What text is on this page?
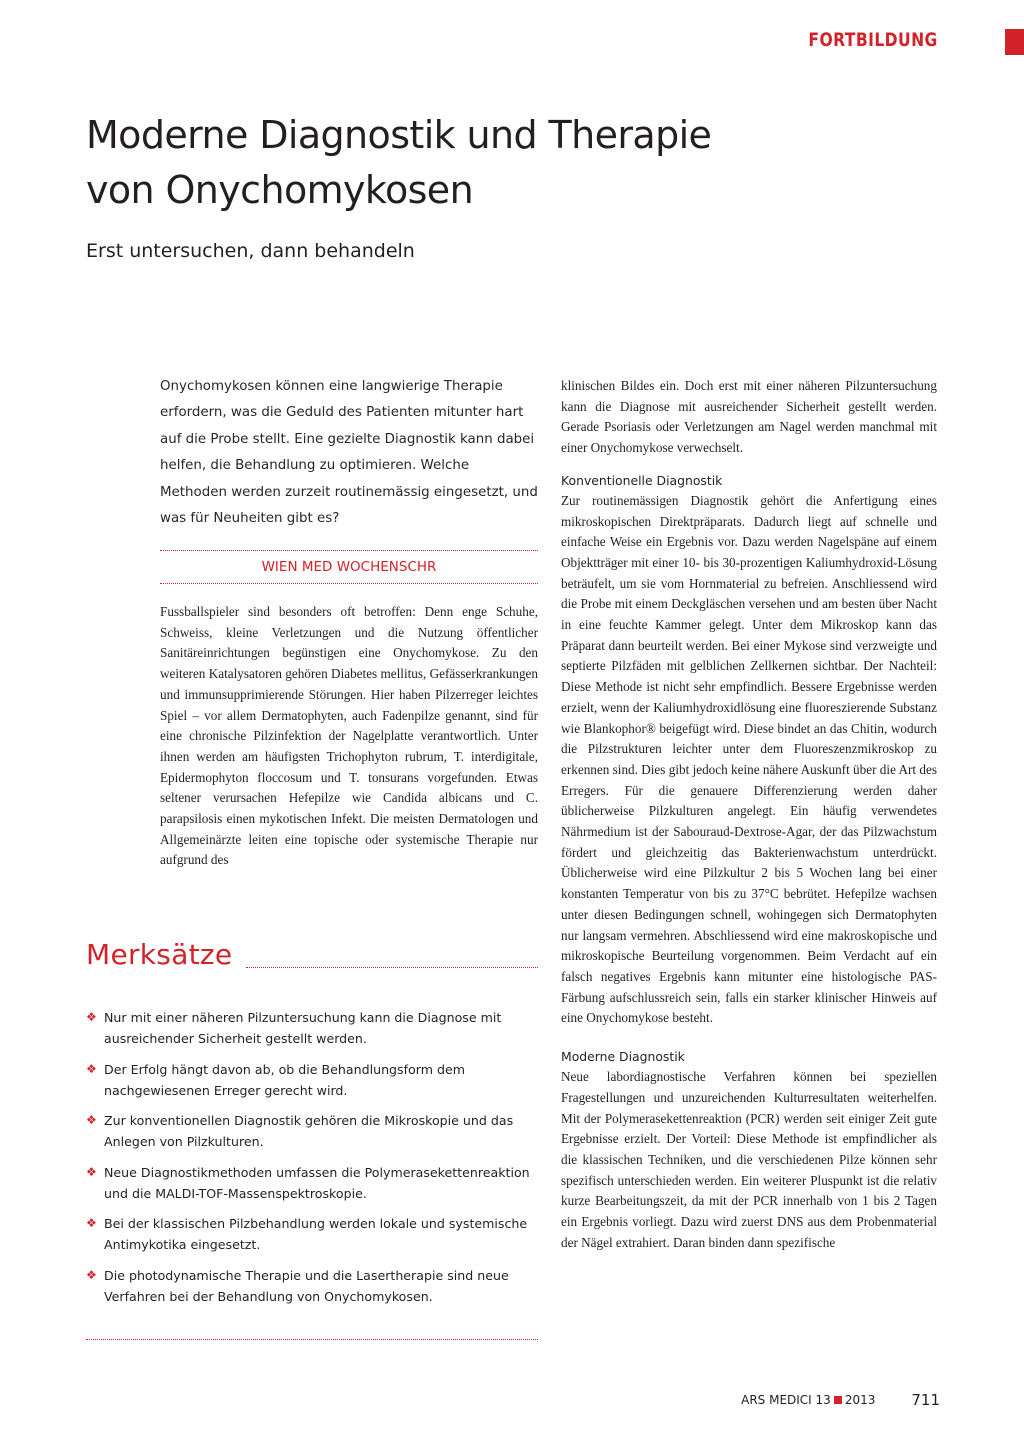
FORTBILDUNG
Moderne Diagnostik und Therapie
von Onychomykosen
Erst untersuchen, dann behandeln

Onychomykosen können eine langwierige Therapie erfordern, was die Geduld des Patienten mitunter hart auf die Probe stellt. Eine gezielte Diagnostik kann dabei helfen, die Behandlung zu optimieren. Welche Methoden werden zurzeit routinemässig eingesetzt, und was für Neuheiten gibt es?

WIEN MED WOCHENSCHR

Fussballspieler sind besonders oft betroffen: Denn enge Schuhe, Schweiss, kleine Verletzungen und die Nutzung öffentlicher Sanitäreinrichtungen begünstigen eine Onychomykose. Zu den weiteren Katalysatoren gehören Diabetes mellitus, Gefässerkrankungen und immunsupprimierende Störungen. Hier haben Pilzerreger leichtes Spiel – vor allem Dermatophyten, auch Fadenpilze genannt, sind für eine chronische Pilzinfektion der Nagelplatte verantwortlich. Unter ihnen werden am häufigsten Trichophyton rubrum, T. interdigitale, Epidermophyton floccosum und T. tonsurans vorgefunden. Etwas seltener verursachen Hefepilze wie Candida albicans und C. parapsilosis einen mykotischen Infekt. Die meisten Dermatologen und Allgemeinärzte leiten eine topische oder systemische Therapie nur aufgrund des

klinischen Bildes ein. Doch erst mit einer näheren Pilzuntersuchung kann die Diagnose mit ausreichender Sicherheit gestellt werden. Gerade Psoriasis oder Verletzungen am Nagel werden manchmal mit einer Onychomykose verwechselt.

Konventionelle Diagnostik

Zur routinemässigen Diagnostik gehört die Anfertigung eines mikroskopischen Direktpräparats. Dadurch liegt auf schnelle und einfache Weise ein Ergebnis vor. Dazu werden Nagelspäne auf einem Objektträger mit einer 10- bis 30-prozentigen Kaliumhydroxid-Lösung beträufelt, um sie vom Hornmaterial zu befreien. Anschliessend wird die Probe mit einem Deckgläschen versehen und am besten über Nacht in eine feuchte Kammer gelegt. Unter dem Mikroskop kann das Präparat dann beurteilt werden. Bei einer Mykose sind verzweigte und septierte Pilzfäden mit gelblichen Zellkernen sichtbar. Der Nachteil: Diese Methode ist nicht sehr empfindlich. Bessere Ergebnisse werden erzielt, wenn der Kaliumhydroxidlösung eine fluoreszierende Substanz wie Blankophor® beigefügt wird. Diese bindet an das Chitin, wodurch die Pilzstrukturen leichter unter dem Fluoreszenzmikroskop zu erkennen sind. Dies gibt jedoch keine nähere Auskunft über die Art des Erregers. Für die genauere Differenzierung werden daher üblicherweise Pilzkulturen angelegt. Ein häufig verwendetes Nährmedium ist der Sabouraud-Dextrose-Agar, der das Pilzwachstum fördert und gleichzeitig das Bakterienwachstum unterdrückt. Üblicherweise wird eine Pilzkultur 2 bis 5 Wochen lang bei einer konstanten Temperatur von bis zu 37°C bebrütet. Hefepilze wachsen unter diesen Bedingungen schnell, wohingegen sich Dermatophyten nur langsam vermehren. Abschliessend wird eine makroskopische und mikroskopische Beurteilung vorgenommen. Beim Verdacht auf ein falsch negatives Ergebnis kann mitunter eine histologische PAS-Färbung aufschlussreich sein, falls ein starker klinischer Hinweis auf eine Onychomykose besteht.

Moderne Diagnostik

Neue labordiagnostische Verfahren können bei speziellen Fragestellungen und unzureichenden Kulturresultaten weiterhelfen. Mit der Polymerasekettenreaktion (PCR) werden seit einiger Zeit gute Ergebnisse erzielt. Der Vorteil: Diese Methode ist empfindlicher als die klassischen Techniken, und die verschiedenen Pilze können sehr spezifisch unterschieden werden. Ein weiterer Pluspunkt ist die relativ kurze Bearbeitungszeit, da mit der PCR innerhalb von 1 bis 2 Tagen ein Ergebnis vorliegt. Dazu wird zuerst DNS aus dem Probenmaterial der Nägel extrahiert. Daran binden dann spezifische

Merksätze
❖ Nur mit einer näheren Pilzuntersuchung kann die Diagnose mit ausreichender Sicherheit gestellt werden.
❖ Der Erfolg hängt davon ab, ob die Behandlungsform dem nachgewiesenen Erreger gerecht wird.
❖ Zur konventionellen Diagnostik gehören die Mikroskopie und das Anlegen von Pilzkulturen.
❖ Neue Diagnostikmethoden umfassen die Polymerasekettenreaktion und die MALDI-TOF-Massenspektroskopie.
❖ Bei der klassischen Pilzbehandlung werden lokale und systemische Antimykotika eingesetzt.
❖ Die photodynamische Therapie und die Lasertherapie sind neue Verfahren bei der Behandlung von Onychomykosen.
ARS MEDICI 13 2013 711
